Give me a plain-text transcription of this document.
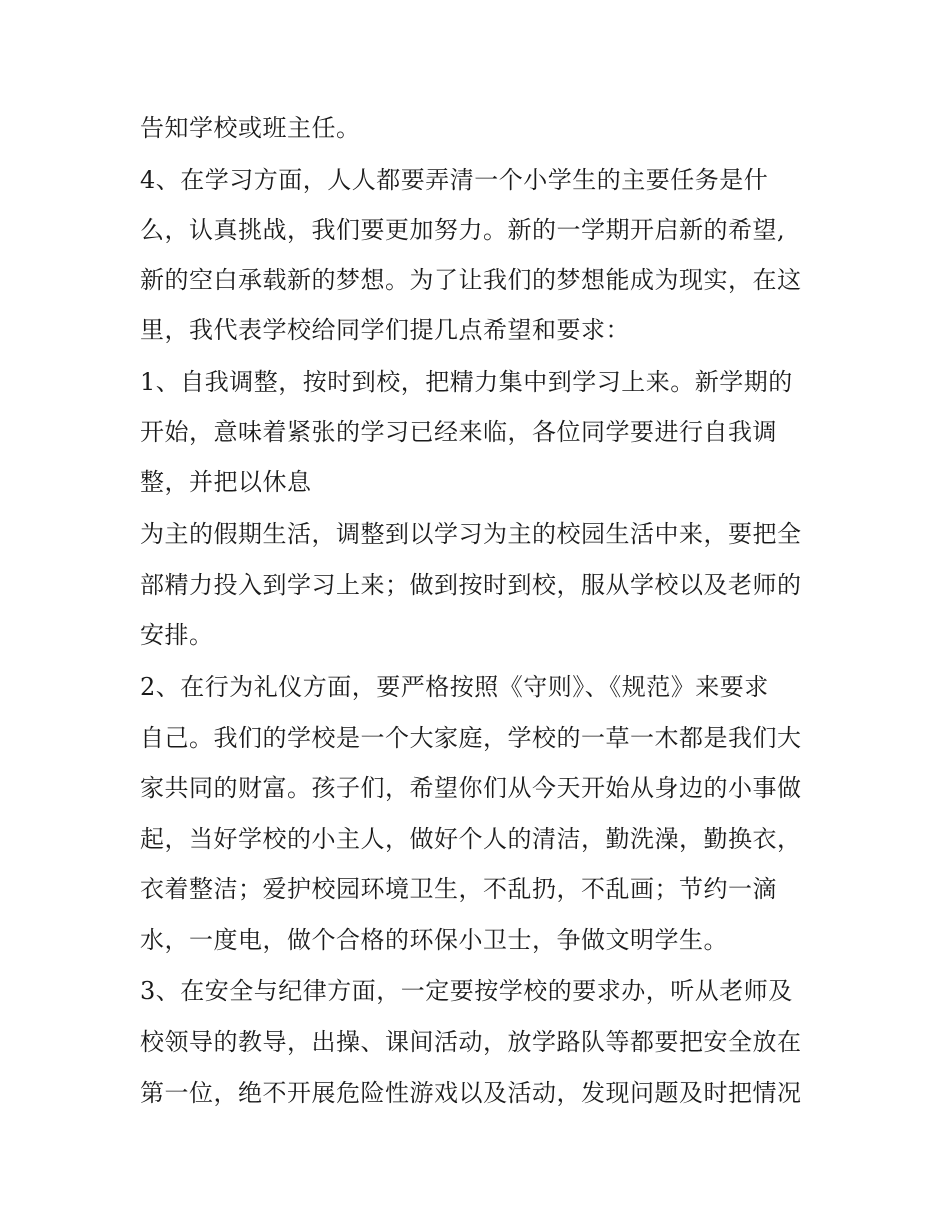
告知学校或班主任。
4、在学习方面，人人都要弄清一个小学生的主要任务是什
么，认真挑战，我们要更加努力。新的一学期开启新的希望,
新的空白承载新的梦想。为了让我们的梦想能成为现实，在这
里，我代表学校给同学们提几点希望和要求：
1、自我调整，按时到校，把精力集中到学习上来。新学期的
开始，意味着紧张的学习已经来临，各位同学要进行自我调
整，并把以休息
为主的假期生活，调整到以学习为主的校园生活中来，要把全
部精力投入到学习上来；做到按时到校，服从学校以及老师的
安排。
2、在行为礼仪方面，要严格按照《守则》、《规范》来要求
自己。我们的学校是一个大家庭，学校的一草一木都是我们大
家共同的财富。孩子们，希望你们从今天开始从身边的小事做
起，当好学校的小主人，做好个人的清洁，勤洗澡，勤换衣，
衣着整洁；爱护校园环境卫生，不乱扔，不乱画；节约一滴
水，一度电，做个合格的环保小卫士，争做文明学生。
3、在安全与纪律方面，一定要按学校的要求办，听从老师及
校领导的教导，出操、课间活动，放学路队等都要把安全放在
第一位，绝不开展危险性游戏以及活动，发现问题及时把情况
